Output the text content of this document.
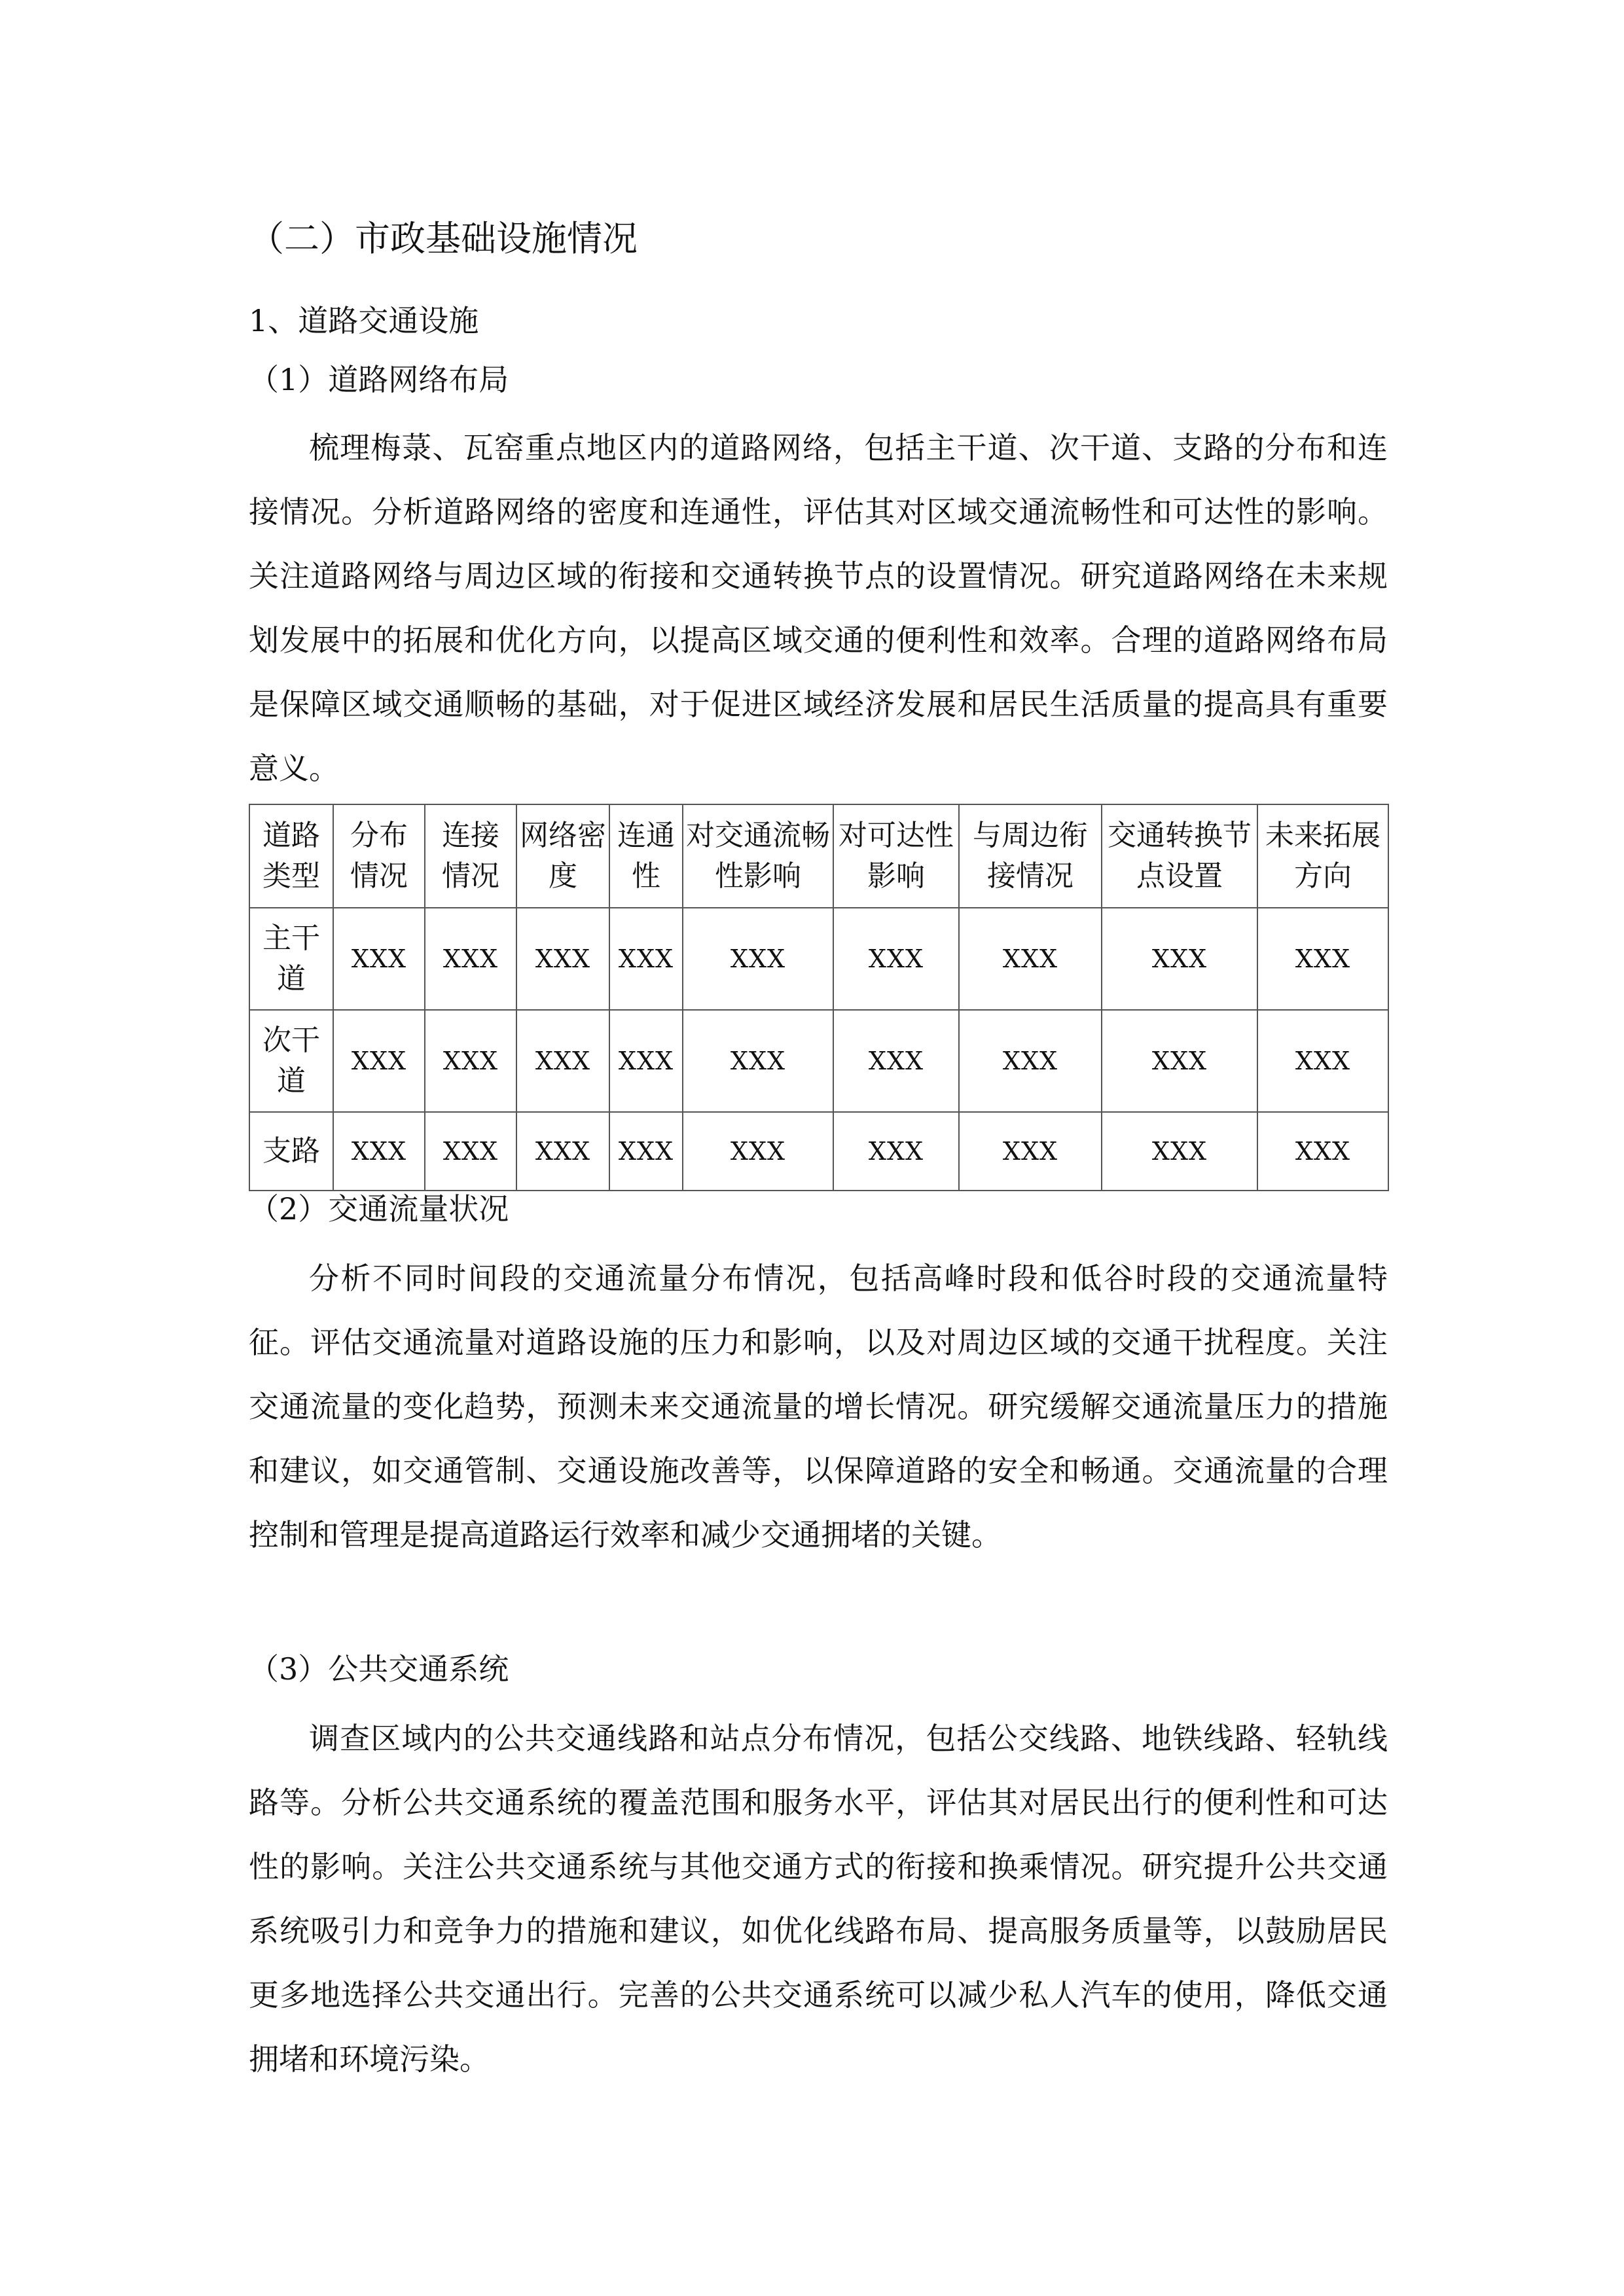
（二）市政基础设施情况
1、道路交通设施
（1）道路网络布局

梳理梅菉、瓦窑重点地区内的道路网络，包括主干道、次干道、支路的分布和连接情况。分析道路网络的密度和连通性，评估其对区域交通流畅性和可达性的影响。关注道路网络与周边区域的衔接和交通转换节点的设置情况。研究道路网络在未来规划发展中的拓展和优化方向，以提高区域交通的便利性和效率。合理的道路网络布局是保障区域交通顺畅的基础，对于促进区域经济发展和居民生活质量的提高具有重要意义。

道路类型	分布情况	连接情况	网络密度	连通性	对交通流畅性影响	对可达性影响	与周边衔接情况	交通转换节点设置	未来拓展方向
主干道	XXX	XXX	XXX	XXX	XXX	XXX	XXX	XXX	XXX
次干道	XXX	XXX	XXX	XXX	XXX	XXX	XXX	XXX	XXX
支路	XXX	XXX	XXX	XXX	XXX	XXX	XXX	XXX	XXX
（2）交通流量状况

分析不同时间段的交通流量分布情况，包括高峰时段和低谷时段的交通流量特征。评估交通流量对道路设施的压力和影响，以及对周边区域的交通干扰程度。关注交通流量的变化趋势，预测未来交通流量的增长情况。研究缓解交通流量压力的措施和建议，如交通管制、交通设施改善等，以保障道路的安全和畅通。交通流量的合理控制和管理是提高道路运行效率和减少交通拥堵的关键。

（3）公共交通系统

调查区域内的公共交通线路和站点分布情况，包括公交线路、地铁线路、轻轨线路等。分析公共交通系统的覆盖范围和服务水平，评估其对居民出行的便利性和可达性的影响。关注公共交通系统与其他交通方式的衔接和换乘情况。研究提升公共交通系统吸引力和竞争力的措施和建议，如优化线路布局、提高服务质量等，以鼓励居民更多地选择公共交通出行。完善的公共交通系统可以减少私人汽车的使用，降低交通拥堵和环境污染。
